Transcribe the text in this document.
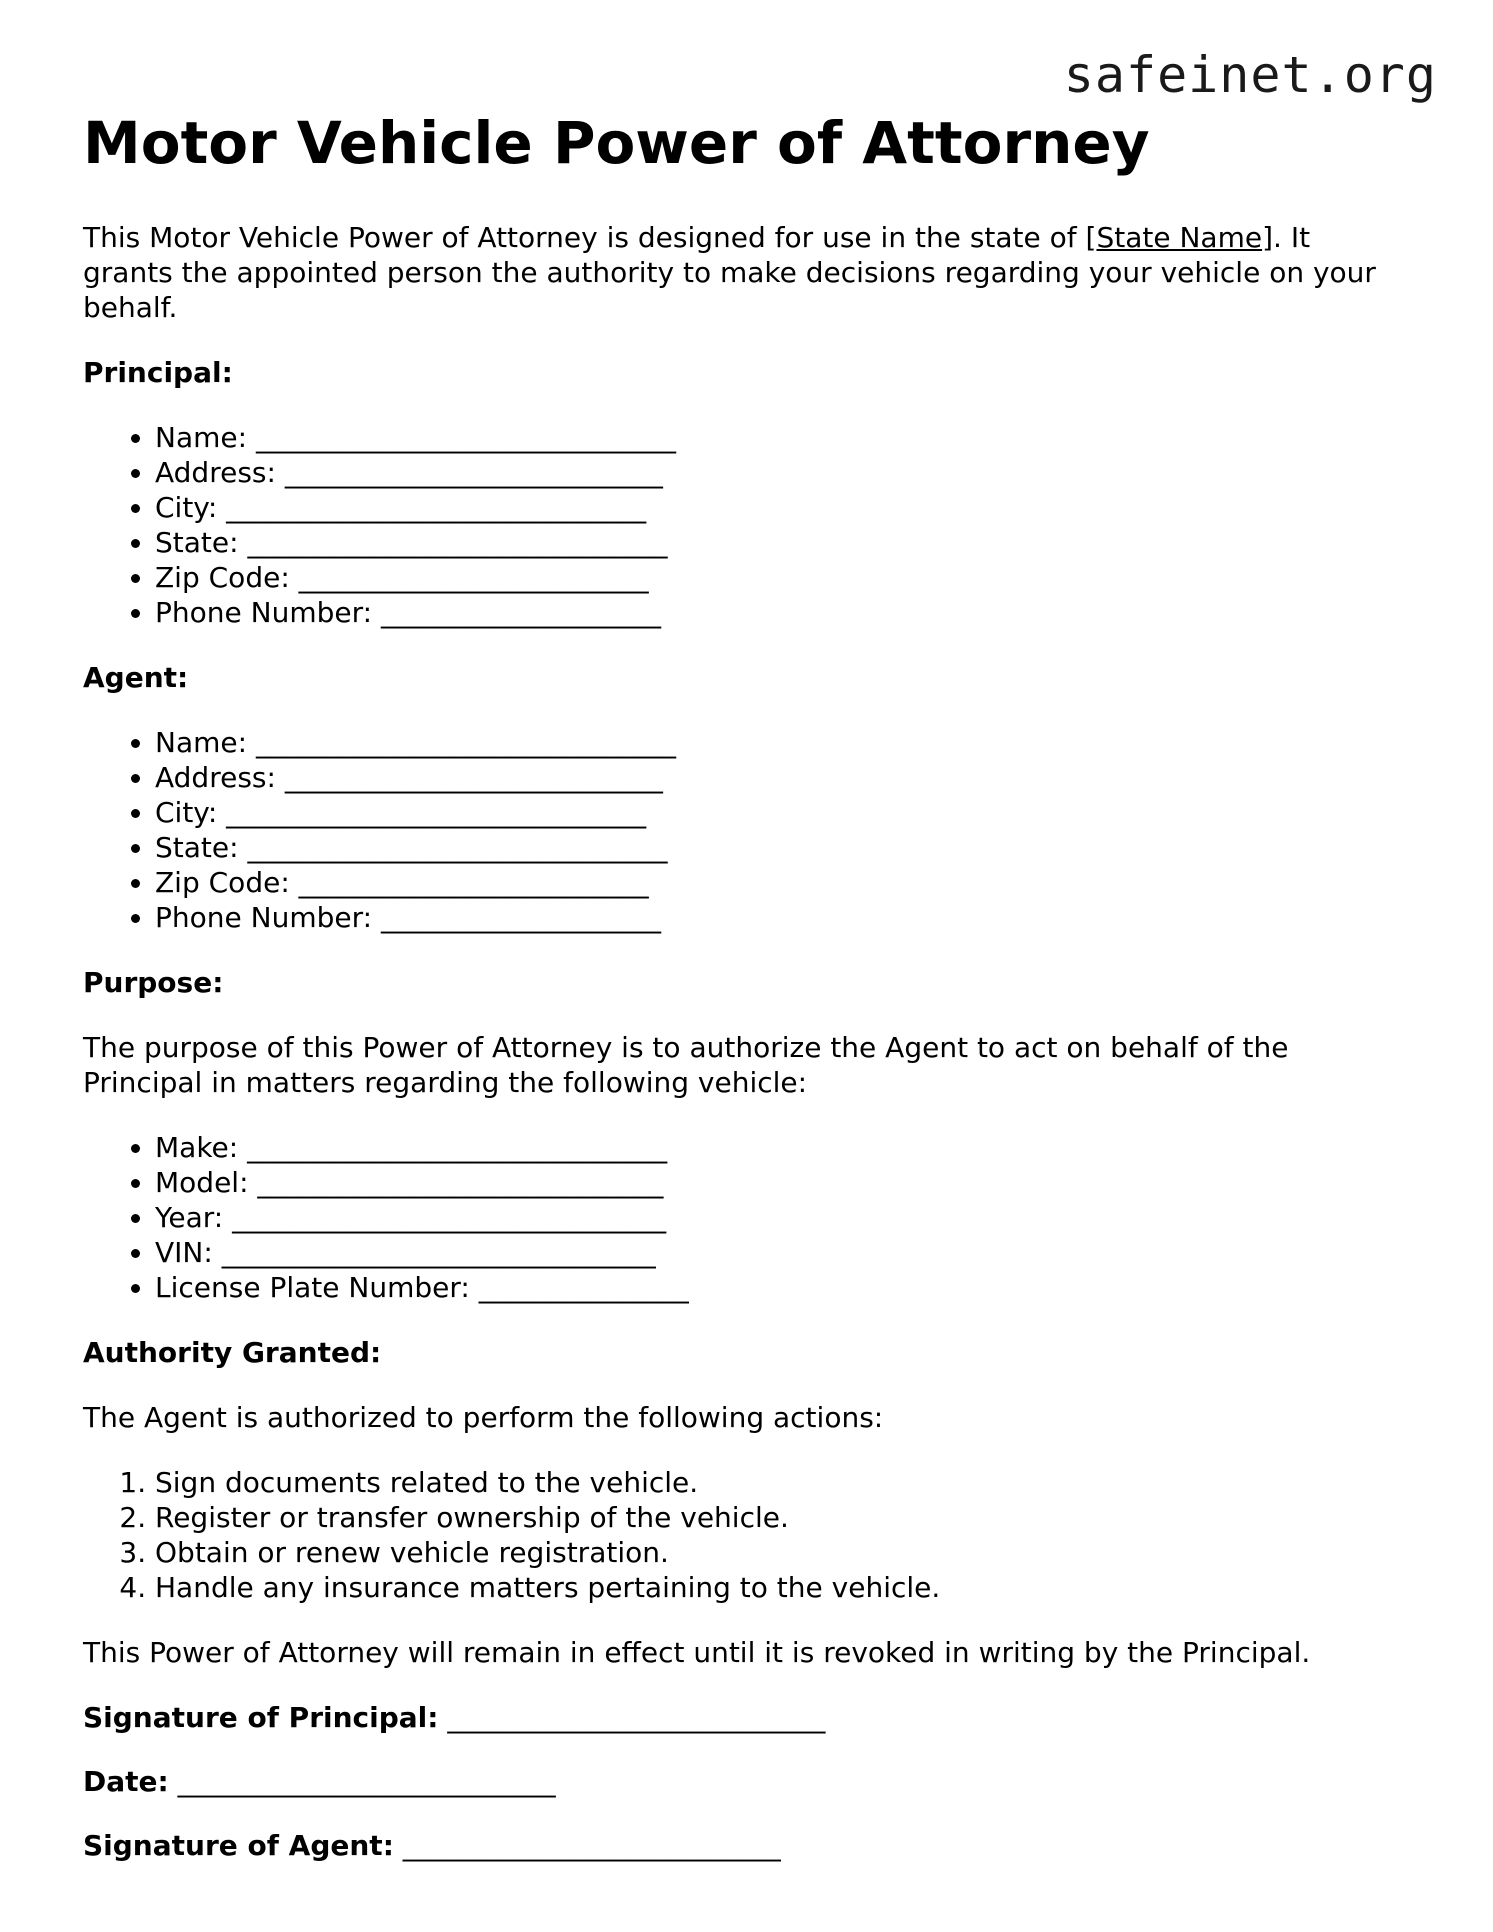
safeinet.org
Motor Vehicle Power of Attorney

This Motor Vehicle Power of Attorney is designed for use in the state of [State Name]. It grants the appointed person the authority to make decisions regarding your vehicle on your behalf.

Principal:
• Name: ______________________________
• Address: ___________________________
• City: ______________________________
• State: ______________________________
• Zip Code: _________________________
• Phone Number: ____________________
Agent:
• Name: ______________________________
• Address: ___________________________
• City: ______________________________
• State: ______________________________
• Zip Code: _________________________
• Phone Number: ____________________
Purpose:

The purpose of this Power of Attorney is to authorize the Agent to act on behalf of the Principal in matters regarding the following vehicle:

• Make: ______________________________
• Model: _____________________________
• Year: _______________________________
• VIN: _______________________________
• License Plate Number: _______________
Authority Granted:

The Agent is authorized to perform the following actions:

1. Sign documents related to the vehicle.
2. Register or transfer ownership of the vehicle.
3. Obtain or renew vehicle registration.
4. Handle any insurance matters pertaining to the vehicle.

This Power of Attorney will remain in effect until it is revoked in writing by the Principal.

Signature of Principal: ___________________________
Date: ___________________________
Signature of Agent: ___________________________
